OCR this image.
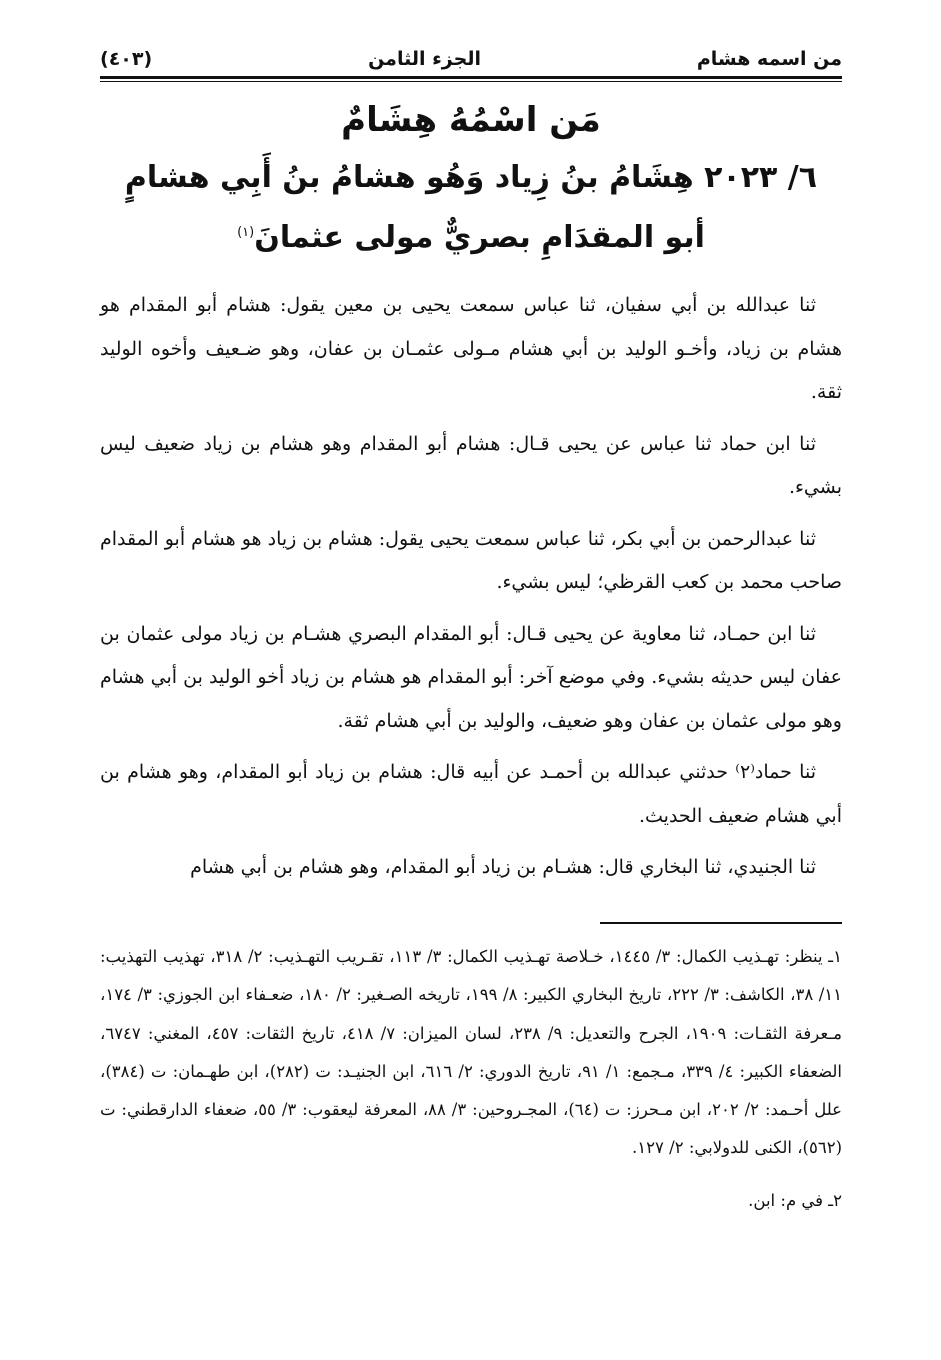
من اسمه هشام
الجزء الثامن
(٤٠٣)
مَن اسْمُهُ هِشَامٌ
٦/ ٢٠٢٣ هِشَامُ بنُ زِياد وَهُو هشامُ بنُ أَبِي هشامٍ
أبو المقدَامِ بصريٌّ مولى عثمانَ$^{(١)}$

ثنا عبدالله بن أبي سفيان، ثنا عباس سمعت يحيى بن معين يقول: هشام أبو المقدام هو هشام بن زياد، وأخـو الوليد بن أبي هشام مـولى عثمـان بن عفان، وهو ضـعيف وأخوه الوليد ثقة.

ثنا ابن حماد ثنا عباس عن يحيى قـال: هشام أبو المقدام وهو هشام بن زياد ضعيف ليس بشيء.

ثنا عبدالرحمن بن أبي بكر، ثنا عباس سمعت يحيى يقول: هشام بن زياد هو هشام أبو المقدام صاحب محمد بن كعب القرظي؛ ليس بشيء.

ثنا ابن حمـاد، ثنا معاوية عن يحيى قـال: أبو المقدام البصري هشـام بن زياد مولى عثمان بن عفان ليس حديثه بشيء. وفي موضع آخر: أبو المقدام هو هشام بن زياد أخو الوليد بن أبي هشام وهو مولى عثمان بن عفان وهو ضعيف، والوليد بن أبي هشام ثقة.

ثنا حماد⁽٢⁾ حدثني عبدالله بن أحمـد عن أبيه قال: هشام بن زياد أبو المقدام، وهو هشام بن أبي هشام ضعيف الحديث.

ثنا الجنيدي، ثنا البخاري قال: هشـام بن زياد أبو المقدام، وهو هشام بن أبي هشام

١ـ ينظر: تهـذيب الكمال: ٣/ ١٤٤٥، خـلاصة تهـذيب الكمال: ٣/ ١١٣، تقـريب التهـذيب: ٢/ ٣١٨، تهذيب التهذيب: ١١/ ٣٨، الكاشف: ٣/ ٢٢٢، تاريخ البخاري الكبير: ٨/ ١٩٩، تاريخه الصـغير: ٢/ ١٨٠، ضعـفاء ابن الجوزي: ٣/ ١٧٤، مـعرفة الثقـات: ١٩٠٩، الجرح والتعديل: ٩/ ٢٣٨، لسان الميزان: ٧/ ٤١٨، تاريخ الثقات: ٤٥٧، المغني: ٦٧٤٧، الضعفاء الكبير: ٤/ ٣٣٩، مـجمع: ١/ ٩١، تاريخ الدوري: ٢/ ٦١٦، ابن الجنيـد: ت (٢٨٢)، ابن طهـمان: ت (٣٨٤)، علل أحـمد: ٢/ ٢٠٢، ابن مـحرز: ت (٦٤)، المجـروحين: ٣/ ٨٨، المعرفة ليعقوب: ٣/ ٥٥، ضعفاء الدارقطني: ت (٥٦٢)، الكنى للدولابي: ٢/ ١٢٧.

٢ـ في م: ابن.
